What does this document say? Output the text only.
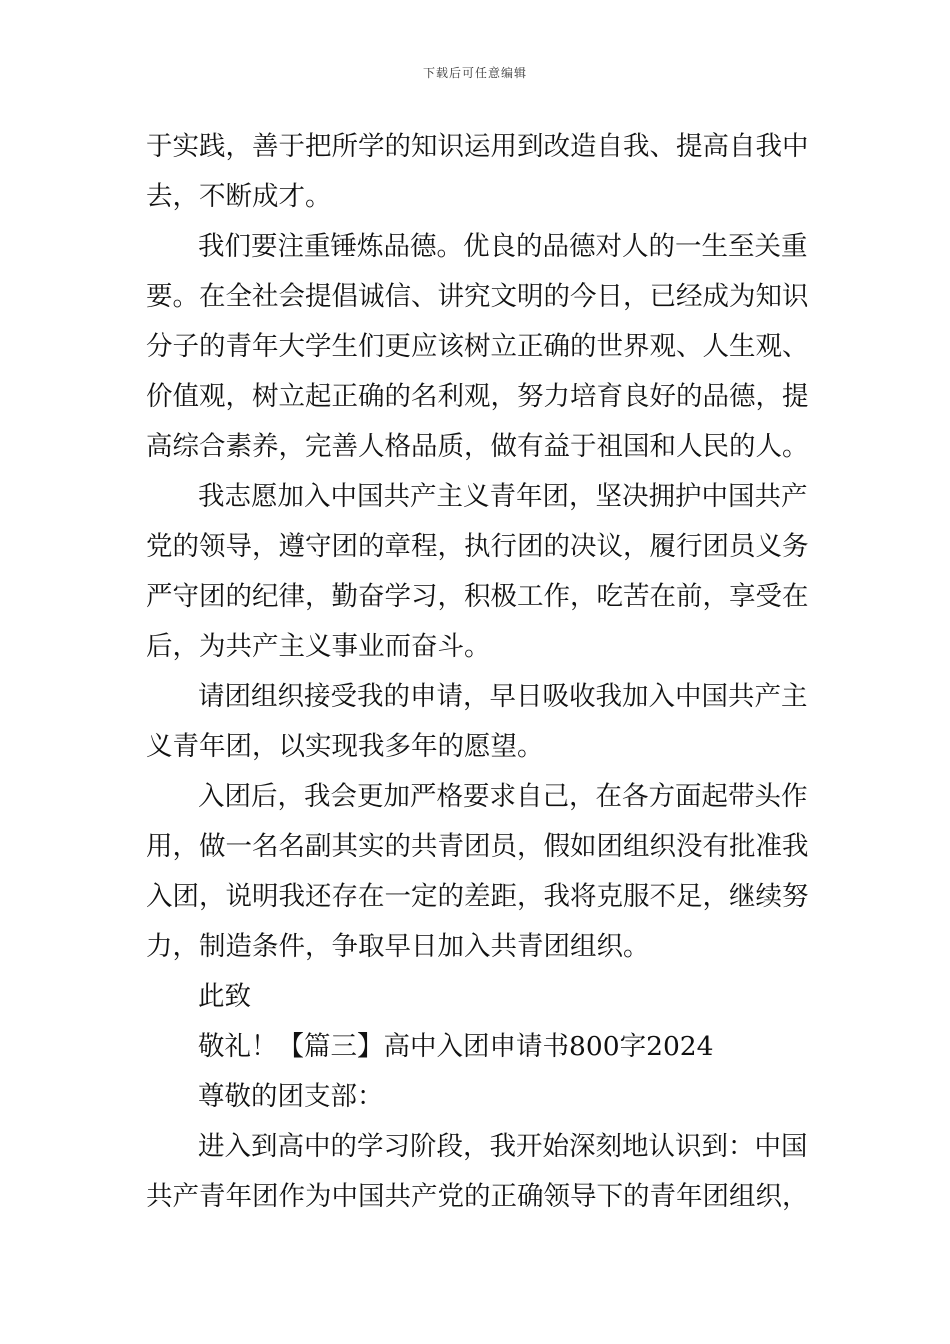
下载后可任意编辑
于实践，善于把所学的知识运用到改造自我、提高自我中
去，不断成才。
我们要注重锤炼品德。优良的品德对人的一生至关重
要。在全社会提倡诚信、讲究文明的今日，已经成为知识
分子的青年大学生们更应该树立正确的世界观、人生观、
价值观，树立起正确的名利观，努力培育良好的品德，提
高综合素养，完善人格品质，做有益于祖国和人民的人。
我志愿加入中国共产主义青年团，坚决拥护中国共产
党的领导，遵守团的章程，执行团的决议，履行团员义务
严守团的纪律，勤奋学习，积极工作，吃苦在前，享受在
后，为共产主义事业而奋斗。
请团组织接受我的申请，早日吸收我加入中国共产主
义青年团，以实现我多年的愿望。
入团后，我会更加严格要求自己，在各方面起带头作
用，做一名名副其实的共青团员，假如团组织没有批准我
入团，说明我还存在一定的差距，我将克服不足，继续努
力，制造条件，争取早日加入共青团组织。
此致
敬礼！【篇三】高中入团申请书800字2024
尊敬的团支部：
进入到高中的学习阶段，我开始深刻地认识到：中国
共产青年团作为中国共产党的正确领导下的青年团组织，
